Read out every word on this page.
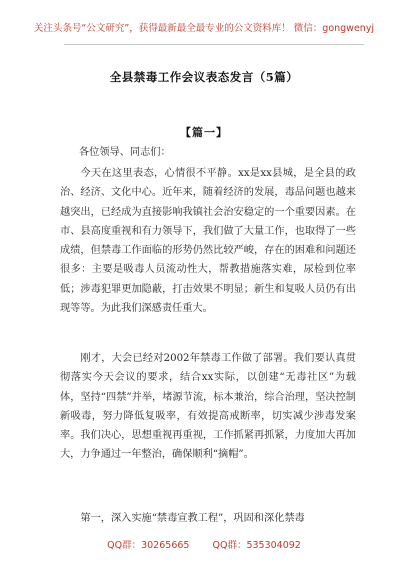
关注头条号“公文研究”，获得最新最全最专业的公文资料库！ 微信：gongwenyj
全县禁毒工作会议表态发言（5篇）
【篇一】
各位领导、同志们：

今天在这里表态，心情很不平静。xx是xx县城，是全县的政治、经济、文化中心。近年来，随着经济的发展，毒品问题也越来越突出，已经成为直接影响我镇社会治安稳定的一个重要因素。在市、县高度重视和有力领导下，我们做了大量工作，也取得了一些成绩，但禁毒工作面临的形势仍然比较严峻，存在的困难和问题还很多：主要是吸毒人员流动性大，帮教措施落实难，尿检到位率低；涉毒犯罪更加隐蔽，打击效果不明显；新生和复吸人员仍有出现等等。为此我们深感责任重大。

刚才，大会已经对2002年禁毒工作做了部署。我们要认真贯彻落实今天会议的要求，结合xx实际，以创建“无毒社区”为载体，坚持“四禁”并举，堵源节流，标本兼治，综合治理，坚决控制新吸毒，努力降低复吸率，有效提高戒断率，切实减少涉毒发案率。我们决心，思想重视再重视，工作抓紧再抓紧，力度加大再加大，力争通过一年整治，确保顺利“摘帽”。

第一，深入实施“禁毒宣教工程”，巩固和深化禁毒

QQ群：30265665 QQ群：535304092
